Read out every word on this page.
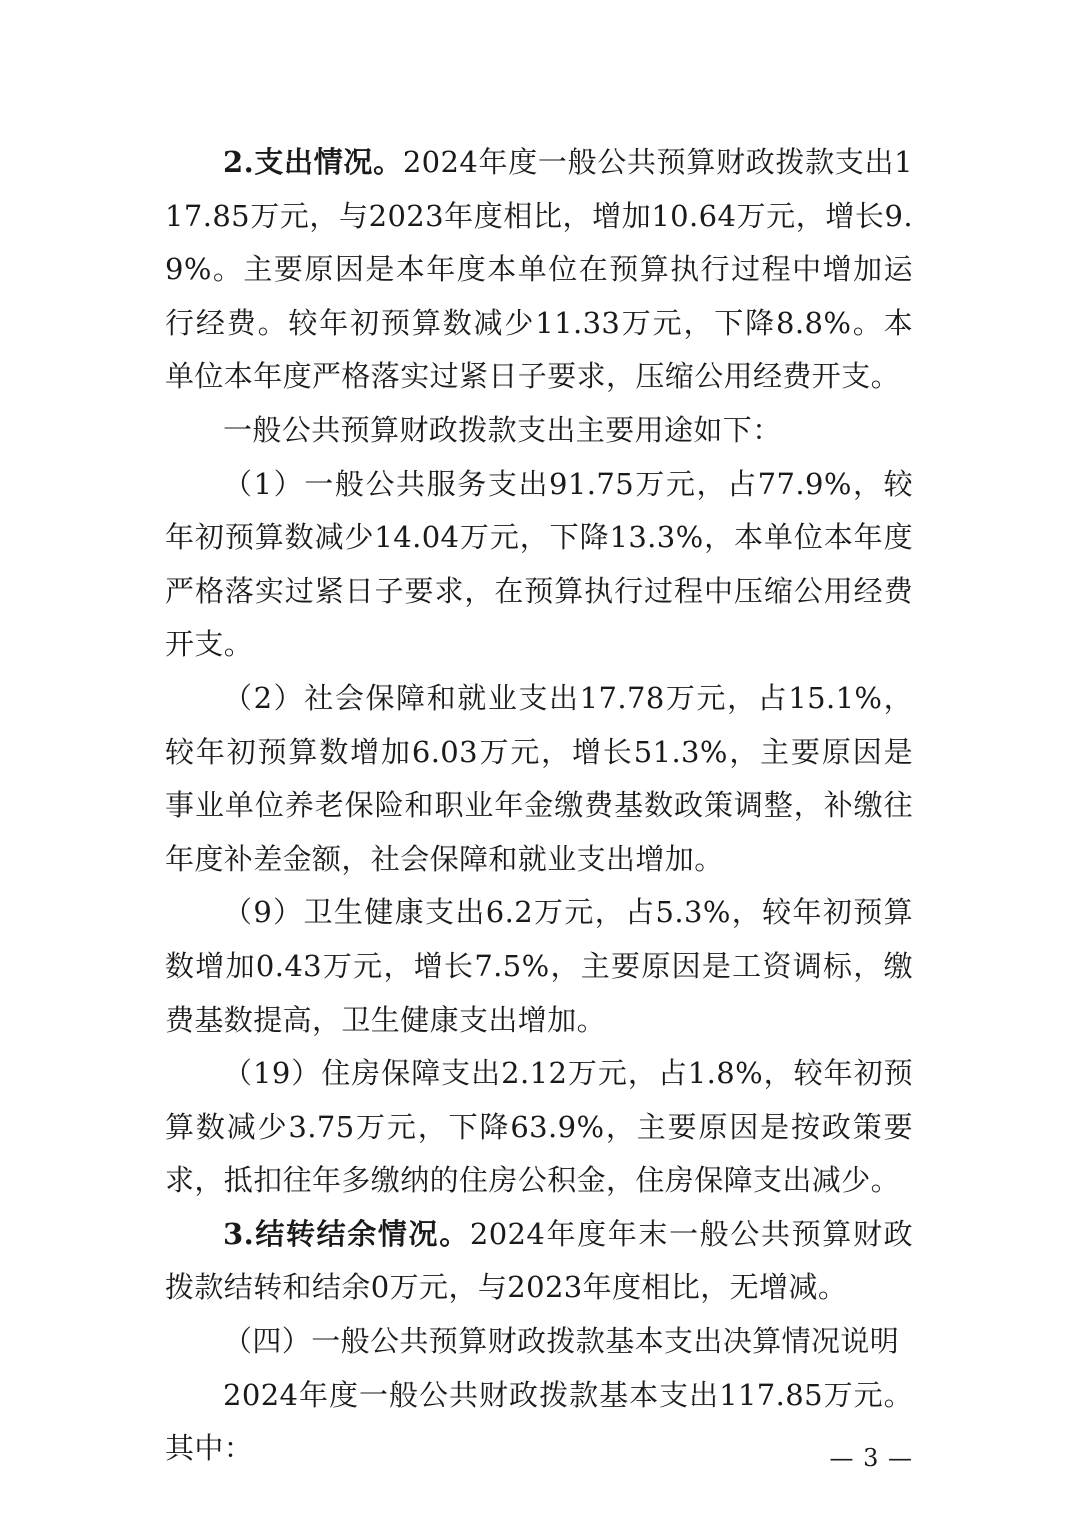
2.支出情况。2024年度一般公共预算财政拨款支出117.85万元，与2023年度相比，增加10.64万元，增长9.9%。主要原因是本年度本单位在预算执行过程中增加运行经费。较年初预算数减少11.33万元，下降8.8%。本单位本年度严格落实过紧日子要求，压缩公用经费开支。

一般公共预算财政拨款支出主要用途如下：

（1）一般公共服务支出91.75万元，占77.9%，较年初预算数减少14.04万元，下降13.3%，本单位本年度严格落实过紧日子要求，在预算执行过程中压缩公用经费开支。

（2）社会保障和就业支出17.78万元，占15.1%，较年初预算数增加6.03万元，增长51.3%，主要原因是事业单位养老保险和职业年金缴费基数政策调整，补缴往年度补差金额，社会保障和就业支出增加。

（9）卫生健康支出6.2万元，占5.3%，较年初预算数增加0.43万元，增长7.5%，主要原因是工资调标，缴费基数提高，卫生健康支出增加。

（19）住房保障支出2.12万元，占1.8%，较年初预算数减少3.75万元，下降63.9%，主要原因是按政策要求，抵扣往年多缴纳的住房公积金，住房保障支出减少。

3.结转结余情况。2024年度年末一般公共预算财政拨款结转和结余0万元，与2023年度相比，无增减。

（四）一般公共预算财政拨款基本支出决算情况说明

2024年度一般公共财政拨款基本支出117.85万元。其中：	— 3 —
